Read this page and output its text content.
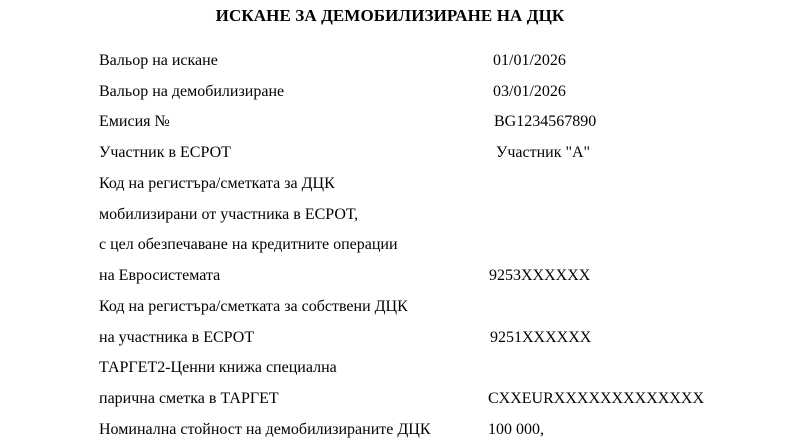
ИСКАНЕ ЗА ДЕМОБИЛИЗИРАНЕ НА ДЦК
Вальор на искане	01/01/2026
Вальор на демобилизиране	03/01/2026
Емисия №	BG1234567890
Участник в ЕСРОТ	Участник "А"
Код на регистъра/сметката за ДЦК
мобилизирани от участника в ЕСРОТ,
с цел обезпечаване на кредитните операции
на Евросистемата	9253XXXXXX
Код на регистъра/сметката за собствени ДЦК
на участника в ЕСРОТ	9251XXXXXX
ТАРГЕТ2-Ценни книжа специална
парична сметка в ТАРГЕТ	CXXEURXXXXXXXXXXXXX
Номинална стойност на демобилизираните ДЦК	100 000,
